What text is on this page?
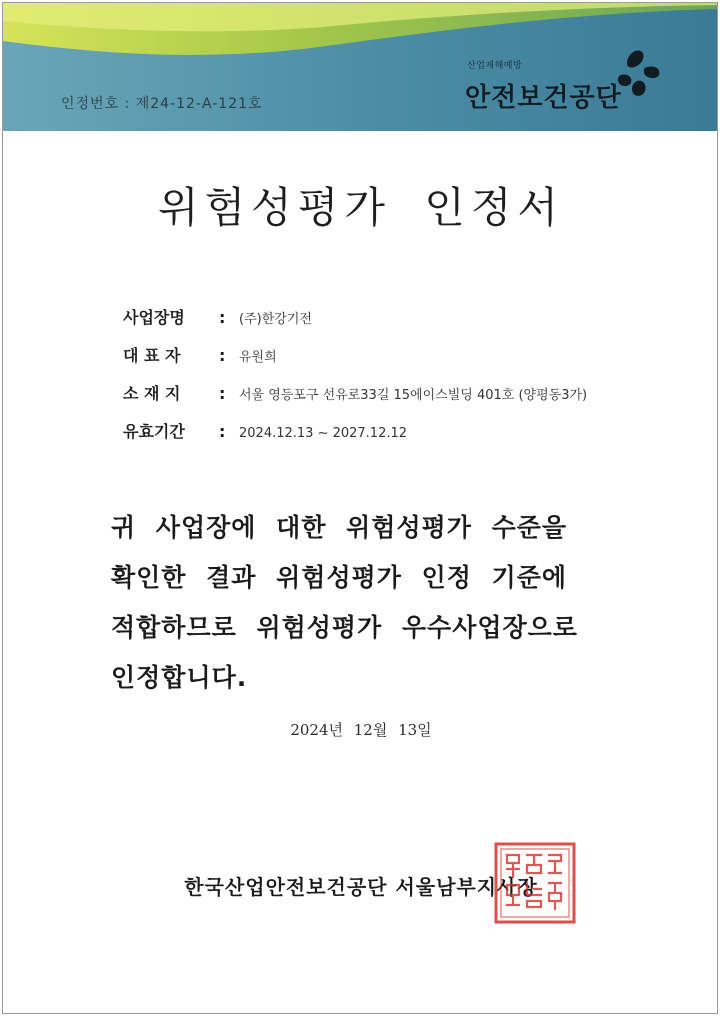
인정번호 : 제24-12-A-121호
산업재해예방
안전보건공단
위험성평가 인정서
사업장명	:	(주)한강기전
대 표 자	:	유원희
소 재 지	:	서울 영등포구 선유로33길 15에이스빌딩 401호 (양평동3가)
유효기간	:	2024.12.13 ~ 2027.12.12
귀 사업장에 대한 위험성평가 수준을
확인한 결과 위험성평가 인정 기준에
적합하므로 위험성평가 우수사업장으로
인정합니다.
2024년 12월 13일
한국산업안전보건공단 서울남부지사장
